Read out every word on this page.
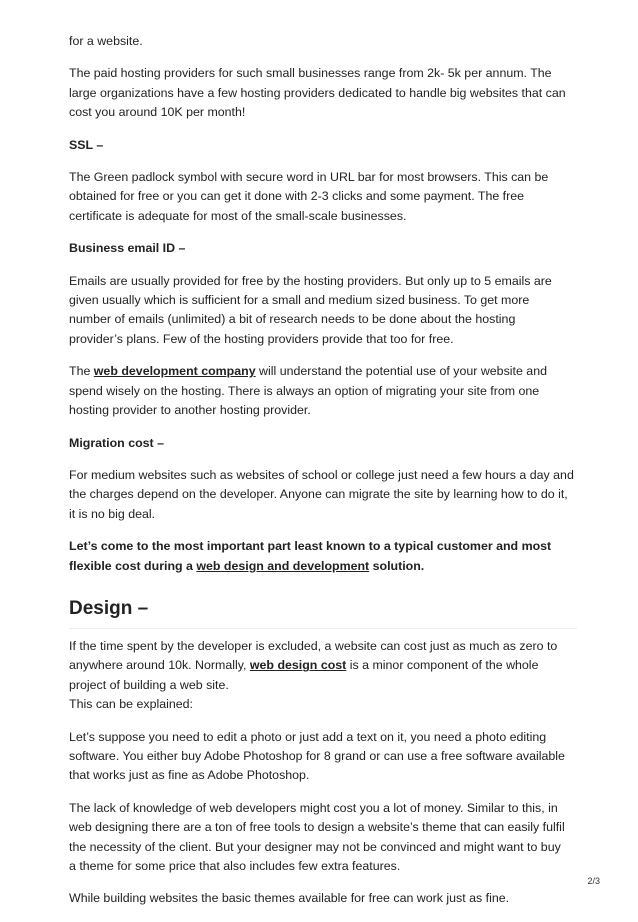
for a website.
The paid hosting providers for such small businesses range from 2k- 5k per annum. The
large organizations have a few hosting providers dedicated to handle big websites that can
cost you around 10K per month!
SSL –
The Green padlock symbol with secure word in URL bar for most browsers. This can be
obtained for free or you can get it done with 2-3 clicks and some payment. The free
certificate is adequate for most of the small-scale businesses.
Business email ID –
Emails are usually provided for free by the hosting providers. But only up to 5 emails are
given usually which is sufficient for a small and medium sized business. To get more
number of emails (unlimited) a bit of research needs to be done about the hosting
provider’s plans. Few of the hosting providers provide that too for free.
The web development company will understand the potential use of your website and
spend wisely on the hosting. There is always an option of migrating your site from one
hosting provider to another hosting provider.
Migration cost –
For medium websites such as websites of school or college just need a few hours a day and
the charges depend on the developer. Anyone can migrate the site by learning how to do it,
it is no big deal.
Let’s come to the most important part least known to a typical customer and most
flexible cost during a web design and development solution.
Design –
If the time spent by the developer is excluded, a website can cost just as much as zero to
anywhere around 10k. Normally, web design cost is a minor component of the whole
project of building a web site.
This can be explained:
Let’s suppose you need to edit a photo or just add a text on it, you need a photo editing
software. You either buy Adobe Photoshop for 8 grand or can use a free software available
that works just as fine as Adobe Photoshop.
The lack of knowledge of web developers might cost you a lot of money. Similar to this, in
web designing there are a ton of free tools to design a website’s theme that can easily fulfil
the necessity of the client. But your designer may not be convinced and might want to buy
a theme for some price that also includes few extra features.
While building websites the basic themes available for free can work just as fine.
2/3
